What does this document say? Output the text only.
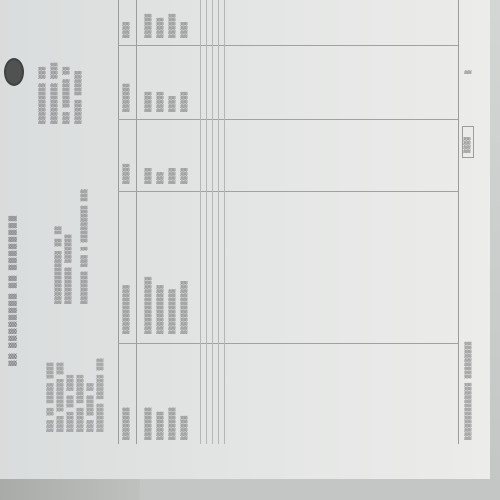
▒▒ ▒▒▒▒▒▒▒▒ ▒▒ ▒▒▒▒▒▒▒▒
▒▒▒ ▒▒ ▒▒▒▒▒ ▒▒▒▒ ▒▒▒▒ ▒▒▒▒▒▒▒▒ ▒▒▒ ▒▒▒▒▒ ▒▒▒ ▒▒▒▒ ▒▒▒▒▒▒ ▒▒▒▒▒▒▒ ▒▒▒ ▒▒▒▒▒ ▒▒ ▒▒▒▒▒▒▒ ▒▒▒▒▒▒ ▒▒▒
▒▒▒▒▒▒▒▒▒▒▒▒▒ ▒▒ ▒▒ ▒▒▒▒▒▒▒▒▒ ▒▒▒▒▒▒▒ ▒▒▒▒▒▒▒▒ ▒▒▒ ▒ ▒▒▒▒▒▒▒▒▒ ▒▒▒
▒▒▒▒▒▒▒▒▒▒ ▒▒▒ ▒▒▒▒▒▒▒▒▒▒ ▒▒▒▒ ▒▒▒ ▒▒▒▒▒▒▒ ▒▒ ▒▒▒▒▒▒ ▒▒▒▒▒▒
▒▒▒▒▒▒▒▒
▒▒▒▒▒▒▒▒▒▒▒▒
▒▒▒▒▒
▒▒▒▒▒▒▒
▒▒▒▒
▒▒▒▒▒▒▒▒
▒▒▒▒▒▒▒▒▒▒▒▒▒▒
▒▒▒▒
▒▒▒▒▒
▒▒▒▒▒▒
▒▒▒▒▒▒▒
▒▒▒▒▒▒▒▒▒▒▒▒
▒▒▒
▒▒▒▒▒
▒▒▒▒▒
▒▒▒▒▒▒▒▒
▒▒▒▒▒▒▒▒▒▒▒
▒▒▒▒
▒▒▒▒
▒▒▒▒▒▒
▒▒▒▒▒▒
▒▒▒▒▒▒▒▒▒▒▒▒▒
▒▒▒▒
▒▒▒▒▒
▒▒▒▒
▒▒▒▒▒▒▒▒▒▒▒▒▒▒ ▒▒▒▒▒▒▒▒▒
▒▒▒▒
▒
